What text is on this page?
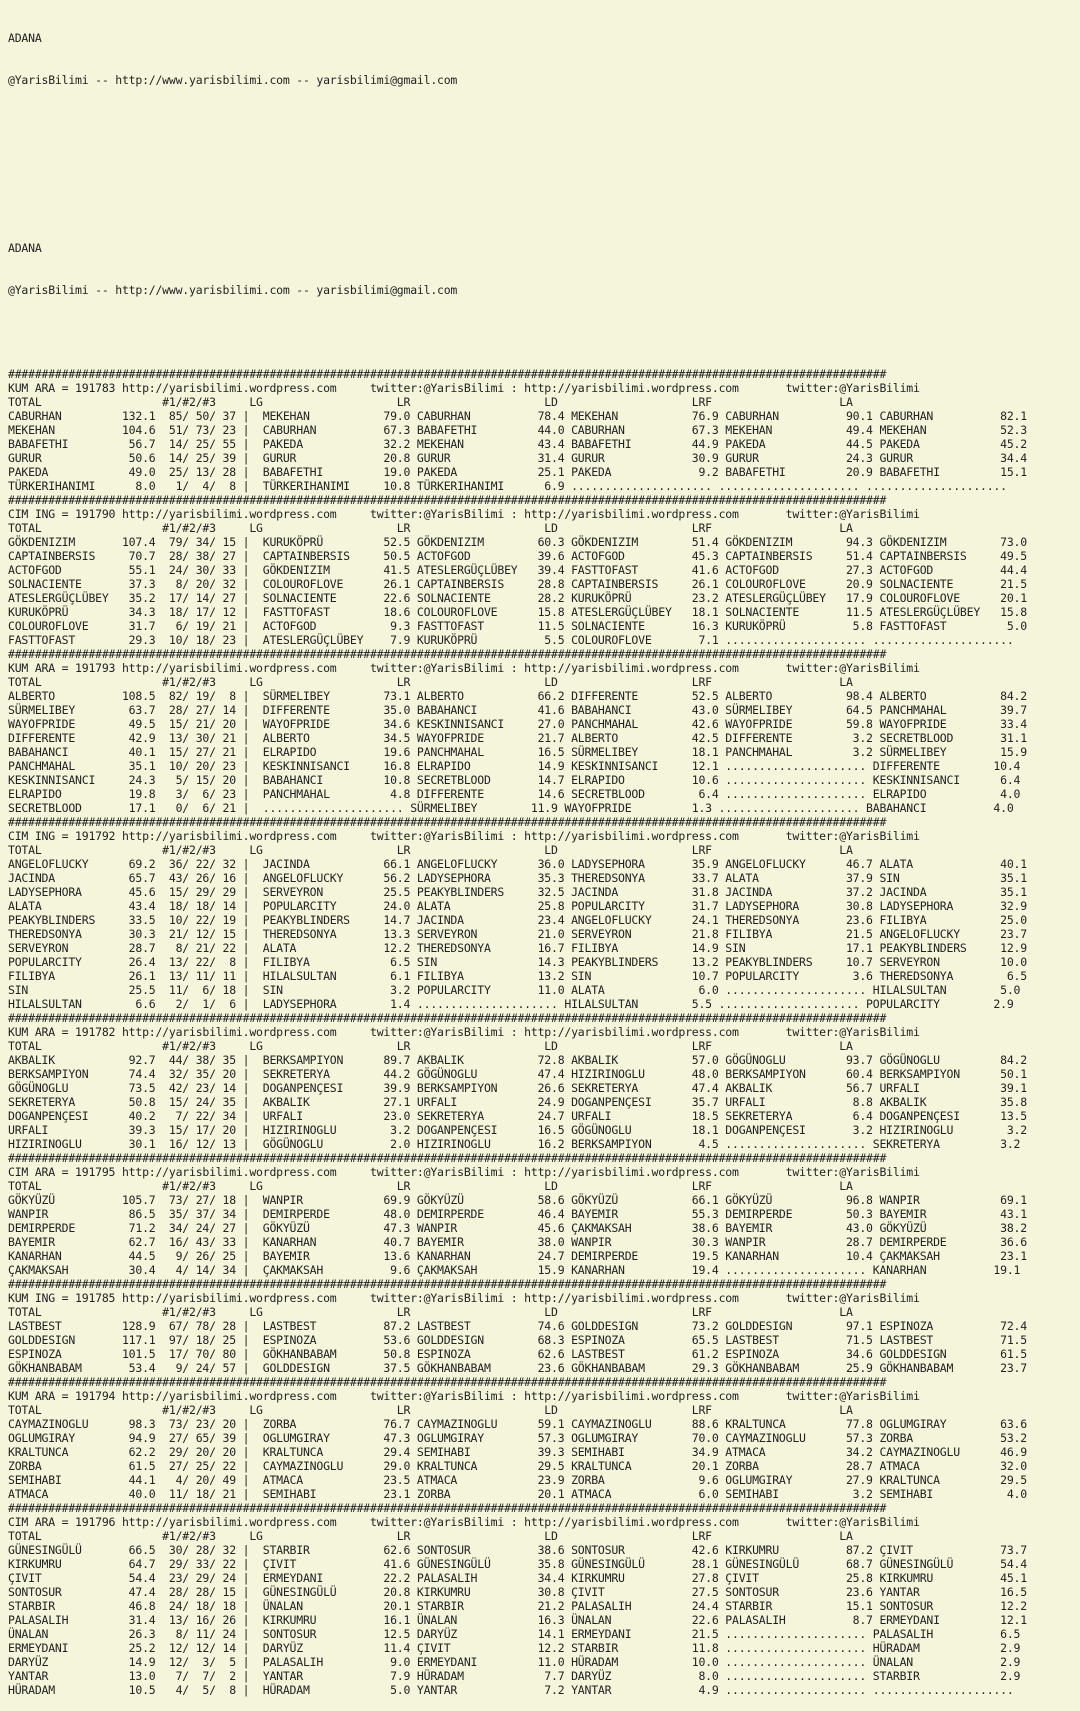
ADANA

@YarisBilimi -- http://www.yarisbilimi.com -- yarisbilimi@gmail.com

ADANA

@YarisBilimi -- http://www.yarisbilimi.com -- yarisbilimi@gmail.com

###################################################################################################################################
KUM ARA = 191783 http://yarisbilimi.wordpress.com     twitter:@YarisBilimi : http://yarisbilimi.wordpress.com       twitter:@YarisBilimi
TOTAL                  #1/#2/#3     LG                    LR                    LD                    LRF                   LA
CABURHAN         132.1  85/ 50/ 37 |  MEKEHAN           79.0 CABURHAN          78.4 MEKEHAN           76.9 CABURHAN          90.1 CABURHAN          82.1
MEKEHAN          104.6  51/ 73/ 23 |  CABURHAN          67.3 BABAFETHI         44.0 CABURHAN          67.3 MEKEHAN           49.4 MEKEHAN           52.3
BABAFETHI         56.7  14/ 25/ 55 |  PAKEDA            32.2 MEKEHAN           43.4 BABAFETHI         44.9 PAKEDA            44.5 PAKEDA            45.2
GURUR             50.6  14/ 25/ 39 |  GURUR             20.8 GURUR             31.4 GURUR             30.9 GURUR             24.3 GURUR             34.4
PAKEDA            49.0  25/ 13/ 28 |  BABAFETHI         19.0 PAKEDA            25.1 PAKEDA             9.2 BABAFETHI         20.9 BABAFETHI         15.1
TÜRKERIHANIMI      8.0   1/  4/  8 |  TÜRKERIHANIMI     10.8 TÜRKERIHANIMI      6.9 ..................... ..................... .....................
###################################################################################################################################
CIM ING = 191790 http://yarisbilimi.wordpress.com     twitter:@YarisBilimi : http://yarisbilimi.wordpress.com       twitter:@YarisBilimi
TOTAL                  #1/#2/#3     LG                    LR                    LD                    LRF                   LA
GÖKDENIZIM       107.4  79/ 34/ 15 |  KURUKÖPRÜ         52.5 GÖKDENIZIM        60.3 GÖKDENIZIM        51.4 GÖKDENIZIM        94.3 GÖKDENIZIM        73.0
CAPTAINBERSIS     70.7  28/ 38/ 27 |  CAPTAINBERSIS     50.5 ACTOFGOD          39.6 ACTOFGOD          45.3 CAPTAINBERSIS     51.4 CAPTAINBERSIS     49.5
ACTOFGOD          55.1  24/ 30/ 33 |  GÖKDENIZIM        41.5 ATESLERGÜÇLÜBEY   39.4 FASTTOFAST        41.6 ACTOFGOD          27.3 ACTOFGOD          44.4
SOLNACIENTE       37.3   8/ 20/ 32 |  COLOUROFLOVE      26.1 CAPTAINBERSIS     28.8 CAPTAINBERSIS     26.1 COLOUROFLOVE      20.9 SOLNACIENTE       21.5
ATESLERGÜÇLÜBEY   35.2  17/ 14/ 27 |  SOLNACIENTE       22.6 SOLNACIENTE       28.2 KURUKÖPRÜ         23.2 ATESLERGÜÇLÜBEY   17.9 COLOUROFLOVE      20.1
KURUKÖPRÜ         34.3  18/ 17/ 12 |  FASTTOFAST        18.6 COLOUROFLOVE      15.8 ATESLERGÜÇLÜBEY   18.1 SOLNACIENTE       11.5 ATESLERGÜÇLÜBEY   15.8
COLOUROFLOVE      31.7   6/ 19/ 21 |  ACTOFGOD           9.3 FASTTOFAST        11.5 SOLNACIENTE       16.3 KURUKÖPRÜ          5.8 FASTTOFAST         5.0
FASTTOFAST        29.3  10/ 18/ 23 |  ATESLERGÜÇLÜBEY    7.9 KURUKÖPRÜ          5.5 COLOUROFLOVE       7.1 ..................... .....................
###################################################################################################################################
KUM ARA = 191793 http://yarisbilimi.wordpress.com     twitter:@YarisBilimi : http://yarisbilimi.wordpress.com       twitter:@YarisBilimi
TOTAL                  #1/#2/#3     LG                    LR                    LD                    LRF                   LA
ALBERTO          108.5  82/ 19/  8 |  SÜRMELIBEY        73.1 ALBERTO           66.2 DIFFERENTE        52.5 ALBERTO           98.4 ALBERTO           84.2
SÜRMELIBEY        63.7  28/ 27/ 14 |  DIFFERENTE        35.0 BABAHANCI         41.6 BABAHANCI         43.0 SÜRMELIBEY        64.5 PANCHMAHAL        39.7
WAYOFPRIDE        49.5  15/ 21/ 20 |  WAYOFPRIDE        34.6 KESKINNISANCI     27.0 PANCHMAHAL        42.6 WAYOFPRIDE        59.8 WAYOFPRIDE        33.4
DIFFERENTE        42.9  13/ 30/ 21 |  ALBERTO           34.5 WAYOFPRIDE        21.7 ALBERTO           42.5 DIFFERENTE         3.2 SECRETBLOOD       31.1
BABAHANCI         40.1  15/ 27/ 21 |  ELRAPIDO          19.6 PANCHMAHAL        16.5 SÜRMELIBEY        18.1 PANCHMAHAL         3.2 SÜRMELIBEY        15.9
PANCHMAHAL        35.1  10/ 20/ 23 |  KESKINNISANCI     16.8 ELRAPIDO          14.9 KESKINNISANCI     12.1 ..................... DIFFERENTE        10.4
KESKINNISANCI     24.3   5/ 15/ 20 |  BABAHANCI         10.8 SECRETBLOOD       14.7 ELRAPIDO          10.6 ..................... KESKINNISANCI      6.4
ELRAPIDO          19.8   3/  6/ 23 |  PANCHMAHAL         4.8 DIFFERENTE        14.6 SECRETBLOOD        6.4 ..................... ELRAPIDO           4.0
SECRETBLOOD       17.1   0/  6/ 21 |  ..................... SÜRMELIBEY        11.9 WAYOFPRIDE         1.3 ..................... BABAHANCI          4.0
###################################################################################################################################
CIM ING = 191792 http://yarisbilimi.wordpress.com     twitter:@YarisBilimi : http://yarisbilimi.wordpress.com       twitter:@YarisBilimi
TOTAL                  #1/#2/#3     LG                    LR                    LD                    LRF                   LA
ANGELOFLUCKY      69.2  36/ 22/ 32 |  JACINDA           66.1 ANGELOFLUCKY      36.0 LADYSEPHORA       35.9 ANGELOFLUCKY      46.7 ALATA             40.1
JACINDA           65.7  43/ 26/ 16 |  ANGELOFLUCKY      56.2 LADYSEPHORA       35.3 THEREDSONYA       33.7 ALATA             37.9 SIN               35.1
LADYSEPHORA       45.6  15/ 29/ 29 |  SERVEYRON         25.5 PEAKYBLINDERS     32.5 JACINDA           31.8 JACINDA           37.2 JACINDA           35.1
ALATA             43.4  18/ 18/ 14 |  POPULARCITY       24.0 ALATA             25.8 POPULARCITY       31.7 LADYSEPHORA       30.8 LADYSEPHORA       32.9
PEAKYBLINDERS     33.5  10/ 22/ 19 |  PEAKYBLINDERS     14.7 JACINDA           23.4 ANGELOFLUCKY      24.1 THEREDSONYA       23.6 FILIBYA           25.0
THEREDSONYA       30.3  21/ 12/ 15 |  THEREDSONYA       13.3 SERVEYRON         21.0 SERVEYRON         21.8 FILIBYA           21.5 ANGELOFLUCKY      23.7
SERVEYRON         28.7   8/ 21/ 22 |  ALATA             12.2 THEREDSONYA       16.7 FILIBYA           14.9 SIN               17.1 PEAKYBLINDERS     12.9
POPULARCITY       26.4  13/ 22/  8 |  FILIBYA            6.5 SIN               14.3 PEAKYBLINDERS     13.2 PEAKYBLINDERS     10.7 SERVEYRON         10.0
FILIBYA           26.1  13/ 11/ 11 |  HILALSULTAN        6.1 FILIBYA           13.2 SIN               10.7 POPULARCITY        3.6 THEREDSONYA        6.5
SIN               25.5  11/  6/ 18 |  SIN                3.2 POPULARCITY       11.0 ALATA              6.0 ..................... HILALSULTAN        5.0
HILALSULTAN        6.6   2/  1/  6 |  LADYSEPHORA        1.4 ..................... HILALSULTAN        5.5 ..................... POPULARCITY        2.9
###################################################################################################################################
KUM ARA = 191782 http://yarisbilimi.wordpress.com     twitter:@YarisBilimi : http://yarisbilimi.wordpress.com       twitter:@YarisBilimi
TOTAL                  #1/#2/#3     LG                    LR                    LD                    LRF                   LA
AKBALIK           92.7  44/ 38/ 35 |  BERKSAMPIYON      89.7 AKBALIK           72.8 AKBALIK           57.0 GÖGÜNOGLU         93.7 GÖGÜNOGLU         84.2
BERKSAMPIYON      74.4  32/ 35/ 20 |  SEKRETERYA        44.2 GÖGÜNOGLU         47.4 HIZIRINOGLU       48.0 BERKSAMPIYON      60.4 BERKSAMPIYON      50.1
GÖGÜNOGLU         73.5  42/ 23/ 14 |  DOGANPENÇESI      39.9 BERKSAMPIYON      26.6 SEKRETERYA        47.4 AKBALIK           56.7 URFALI            39.1
SEKRETERYA        50.8  15/ 24/ 35 |  AKBALIK           27.1 URFALI            24.9 DOGANPENÇESI      35.7 URFALI             8.8 AKBALIK           35.8
DOGANPENÇESI      40.2   7/ 22/ 34 |  URFALI            23.0 SEKRETERYA        24.7 URFALI            18.5 SEKRETERYA         6.4 DOGANPENÇESI      13.5
URFALI            39.3  15/ 17/ 20 |  HIZIRINOGLU        3.2 DOGANPENÇESI      16.5 GÖGÜNOGLU         18.1 DOGANPENÇESI       3.2 HIZIRINOGLU        3.2
HIZIRINOGLU       30.1  16/ 12/ 13 |  GÖGÜNOGLU          2.0 HIZIRINOGLU       16.2 BERKSAMPIYON       4.5 ..................... SEKRETERYA         3.2
###################################################################################################################################
CIM ARA = 191795 http://yarisbilimi.wordpress.com     twitter:@YarisBilimi : http://yarisbilimi.wordpress.com       twitter:@YarisBilimi
TOTAL                  #1/#2/#3     LG                    LR                    LD                    LRF                   LA
GÖKYÜZÜ          105.7  73/ 27/ 18 |  WANPIR            69.9 GÖKYÜZÜ           58.6 GÖKYÜZÜ           66.1 GÖKYÜZÜ           96.8 WANPIR            69.1
WANPIR            86.5  35/ 37/ 34 |  DEMIRPERDE        48.0 DEMIRPERDE        46.4 BAYEMIR           55.3 DEMIRPERDE        50.3 BAYEMIR           43.1
DEMIRPERDE        71.2  34/ 24/ 27 |  GÖKYÜZÜ           47.3 WANPIR            45.6 ÇAKMAKSAH         38.6 BAYEMIR           43.0 GÖKYÜZÜ           38.2
BAYEMIR           62.7  16/ 43/ 33 |  KANARHAN          40.7 BAYEMIR           38.0 WANPIR            30.3 WANPIR            28.7 DEMIRPERDE        36.6
KANARHAN          44.5   9/ 26/ 25 |  BAYEMIR           13.6 KANARHAN          24.7 DEMIRPERDE        19.5 KANARHAN          10.4 ÇAKMAKSAH         23.1
ÇAKMAKSAH         30.4   4/ 14/ 34 |  ÇAKMAKSAH          9.6 ÇAKMAKSAH         15.9 KANARHAN          19.4 ..................... KANARHAN          19.1
###################################################################################################################################
KUM ING = 191785 http://yarisbilimi.wordpress.com     twitter:@YarisBilimi : http://yarisbilimi.wordpress.com       twitter:@YarisBilimi
TOTAL                  #1/#2/#3     LG                    LR                    LD                    LRF                   LA
LASTBEST         128.9  67/ 78/ 28 |  LASTBEST          87.2 LASTBEST          74.6 GOLDDESIGN        73.2 GOLDDESIGN        97.1 ESPINOZA          72.4
GOLDDESIGN       117.1  97/ 18/ 25 |  ESPINOZA          53.6 GOLDDESIGN        68.3 ESPINOZA          65.5 LASTBEST          71.5 LASTBEST          71.5
ESPINOZA         101.5  17/ 70/ 80 |  GÖKHANBABAM       50.8 ESPINOZA          62.6 LASTBEST          61.2 ESPINOZA          34.6 GOLDDESIGN        61.5
GÖKHANBABAM       53.4   9/ 24/ 57 |  GOLDDESIGN        37.5 GÖKHANBABAM       23.6 GÖKHANBABAM       29.3 GÖKHANBABAM       25.9 GÖKHANBABAM       23.7
###################################################################################################################################
KUM ARA = 191794 http://yarisbilimi.wordpress.com     twitter:@YarisBilimi : http://yarisbilimi.wordpress.com       twitter:@YarisBilimi
TOTAL                  #1/#2/#3     LG                    LR                    LD                    LRF                   LA
CAYMAZINOGLU      98.3  73/ 23/ 20 |  ZORBA             76.7 CAYMAZINOGLU      59.1 CAYMAZINOGLU      88.6 KRALTUNCA         77.8 OGLUMGIRAY        63.6
OGLUMGIRAY        94.9  27/ 65/ 39 |  OGLUMGIRAY        47.3 OGLUMGIRAY        57.3 OGLUMGIRAY        70.0 CAYMAZINOGLU      57.3 ZORBA             53.2
KRALTUNCA         62.2  29/ 20/ 20 |  KRALTUNCA         29.4 SEMIHABI          39.3 SEMIHABI          34.9 ATMACA            34.2 CAYMAZINOGLU      46.9
ZORBA             61.5  27/ 25/ 22 |  CAYMAZINOGLU      29.0 KRALTUNCA         29.5 KRALTUNCA         20.1 ZORBA             28.7 ATMACA            32.0
SEMIHABI          44.1   4/ 20/ 49 |  ATMACA            23.5 ATMACA            23.9 ZORBA              9.6 OGLUMGIRAY        27.9 KRALTUNCA         29.5
ATMACA            40.0  11/ 18/ 21 |  SEMIHABI          23.1 ZORBA             20.1 ATMACA             6.0 SEMIHABI           3.2 SEMIHABI           4.0
###################################################################################################################################
CIM ARA = 191796 http://yarisbilimi.wordpress.com     twitter:@YarisBilimi : http://yarisbilimi.wordpress.com       twitter:@YarisBilimi
TOTAL                  #1/#2/#3     LG                    LR                    LD                    LRF                   LA
GÜNESINGÜLÜ       66.5  30/ 28/ 32 |  STARBIR           62.6 SONTOSUR          38.6 SONTOSUR          42.6 KIRKUMRU          87.2 ÇIVIT             73.7
KIRKUMRU          64.7  29/ 33/ 22 |  ÇIVIT             41.6 GÜNESINGÜLÜ       35.8 GÜNESINGÜLÜ       28.1 GÜNESINGÜLÜ       68.7 GÜNESINGÜLÜ       54.4
ÇIVIT             54.4  23/ 29/ 24 |  ERMEYDANI         22.2 PALASALIH         34.4 KIRKUMRU          27.8 ÇIVIT             25.8 KIRKUMRU          45.1
SONTOSUR          47.4  28/ 28/ 15 |  GÜNESINGÜLÜ       20.8 KIRKUMRU          30.8 ÇIVIT             27.5 SONTOSUR          23.6 YANTAR            16.5
STARBIR           46.8  24/ 18/ 18 |  ÜNALAN            20.1 STARBIR           21.2 PALASALIH         24.4 STARBIR           15.1 SONTOSUR          12.2
PALASALIH         31.4  13/ 16/ 26 |  KIRKUMRU          16.1 ÜNALAN            16.3 ÜNALAN            22.6 PALASALIH          8.7 ERMEYDANI         12.1
ÜNALAN            26.3   8/ 11/ 24 |  SONTOSUR          12.5 DARYÜZ            14.1 ERMEYDANI         21.5 ..................... PALASALIH          6.5
ERMEYDANI         25.2  12/ 12/ 14 |  DARYÜZ            11.4 ÇIVIT             12.2 STARBIR           11.8 ..................... HÜRADAM            2.9
DARYÜZ            14.9  12/  3/  5 |  PALASALIH          9.0 ERMEYDANI         11.0 HÜRADAM           10.0 ..................... ÜNALAN             2.9
YANTAR            13.0   7/  7/  2 |  YANTAR             7.9 HÜRADAM            7.7 DARYÜZ             8.0 ..................... STARBIR            2.9
HÜRADAM           10.5   4/  5/  8 |  HÜRADAM            5.0 YANTAR             7.2 YANTAR             4.9 ..................... .....................
